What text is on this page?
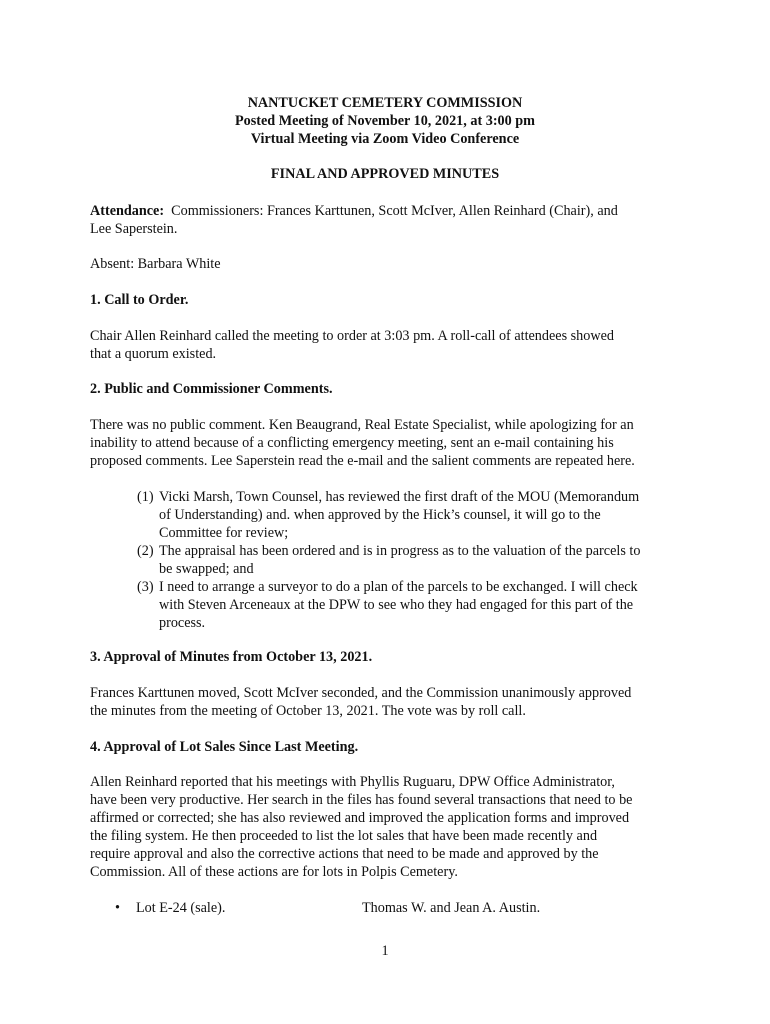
NANTUCKET CEMETERY COMMISSION
Posted Meeting of November 10, 2021, at 3:00 pm
Virtual Meeting via Zoom Video Conference
FINAL AND APPROVED MINUTES
Attendance: Commissioners: Frances Karttunen, Scott McIver, Allen Reinhard (Chair), and
Lee Saperstein.
Absent: Barbara White
1. Call to Order.
Chair Allen Reinhard called the meeting to order at 3:03 pm. A roll-call of attendees showed
that a quorum existed.
2. Public and Commissioner Comments.
There was no public comment. Ken Beaugrand, Real Estate Specialist, while apologizing for an
inability to attend because of a conflicting emergency meeting, sent an e-mail containing his
proposed comments. Lee Saperstein read the e-mail and the salient comments are repeated here.
(1) Vicki Marsh, Town Counsel, has reviewed the first draft of the MOU (Memorandum
of Understanding) and. when approved by the Hick’s counsel, it will go to the
Committee for review;
(2) The appraisal has been ordered and is in progress as to the valuation of the parcels to
be swapped; and
(3) I need to arrange a surveyor to do a plan of the parcels to be exchanged. I will check
with Steven Arceneaux at the DPW to see who they had engaged for this part of the
process.
3. Approval of Minutes from October 13, 2021.
Frances Karttunen moved, Scott McIver seconded, and the Commission unanimously approved
the minutes from the meeting of October 13, 2021. The vote was by roll call.
4. Approval of Lot Sales Since Last Meeting.
Allen Reinhard reported that his meetings with Phyllis Ruguaru, DPW Office Administrator,
have been very productive. Her search in the files has found several transactions that need to be
affirmed or corrected; she has also reviewed and improved the application forms and improved
the filing system. He then proceeded to list the lot sales that have been made recently and
require approval and also the corrective actions that need to be made and approved by the
Commission. All of these actions are for lots in Polpis Cemetery.
• Lot E-24 (sale).	Thomas W. and Jean A. Austin.
1
